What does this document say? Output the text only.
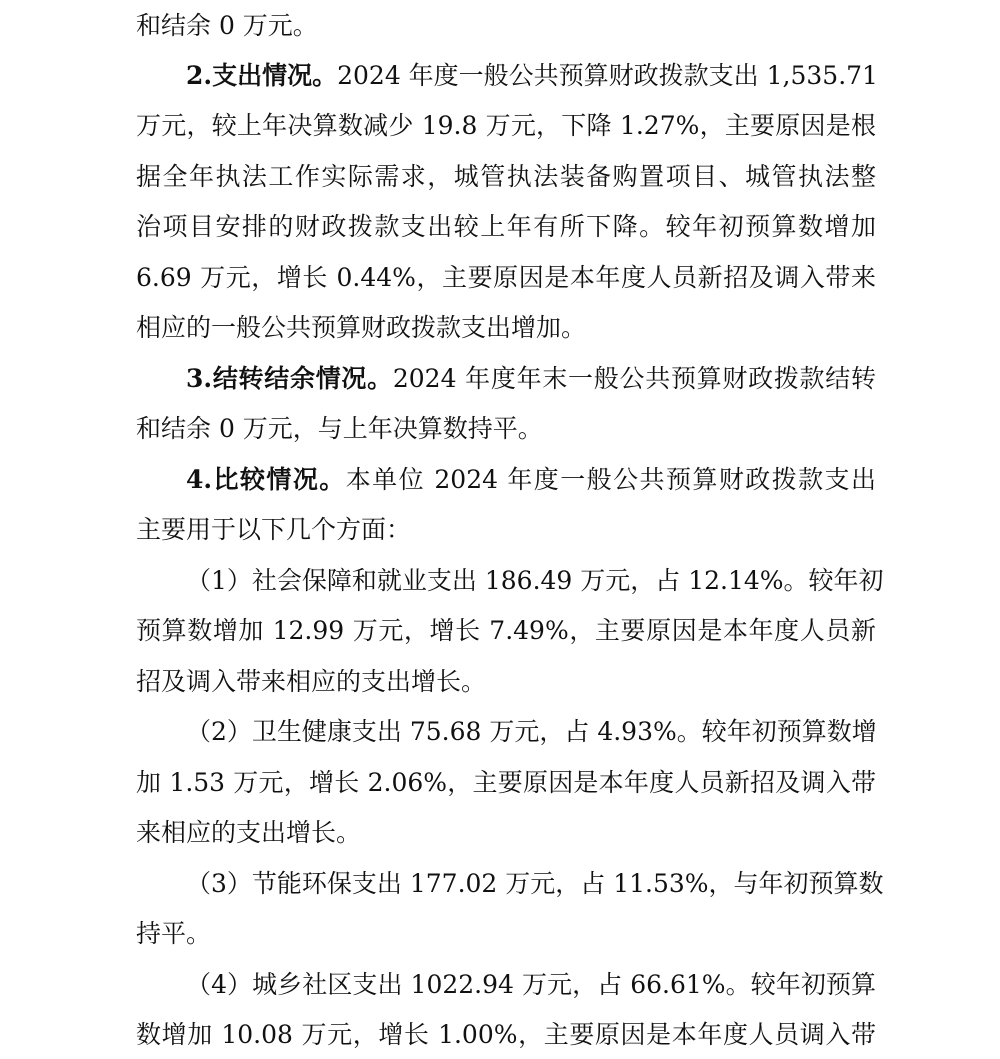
和结余 0 万元。
2.支出情况。2024 年度一般公共预算财政拨款支出 1,535.71
万元，较上年决算数减少 19.8 万元，下降 1.27%，主要原因是根
据全年执法工作实际需求，城管执法装备购置项目、城管执法整
治项目安排的财政拨款支出较上年有所下降。较年初预算数增加
6.69 万元，增长 0.44%，主要原因是本年度人员新招及调入带来
相应的一般公共预算财政拨款支出增加。
3.结转结余情况。2024 年度年末一般公共预算财政拨款结转
和结余 0 万元，与上年决算数持平。
4.比较情况。本单位 2024 年度一般公共预算财政拨款支出
主要用于以下几个方面：
（1）社会保障和就业支出 186.49 万元，占 12.14%。较年初
预算数增加 12.99 万元，增长 7.49%，主要原因是本年度人员新
招及调入带来相应的支出增长。
（2）卫生健康支出 75.68 万元，占 4.93%。较年初预算数增
加 1.53 万元，增长 2.06%，主要原因是本年度人员新招及调入带
来相应的支出增长。
（3）节能环保支出 177.02 万元，占 11.53%，与年初预算数
持平。
（4）城乡社区支出 1022.94 万元，占 66.61%。较年初预算
数增加 10.08 万元，增长 1.00%，主要原因是本年度人员调入带
